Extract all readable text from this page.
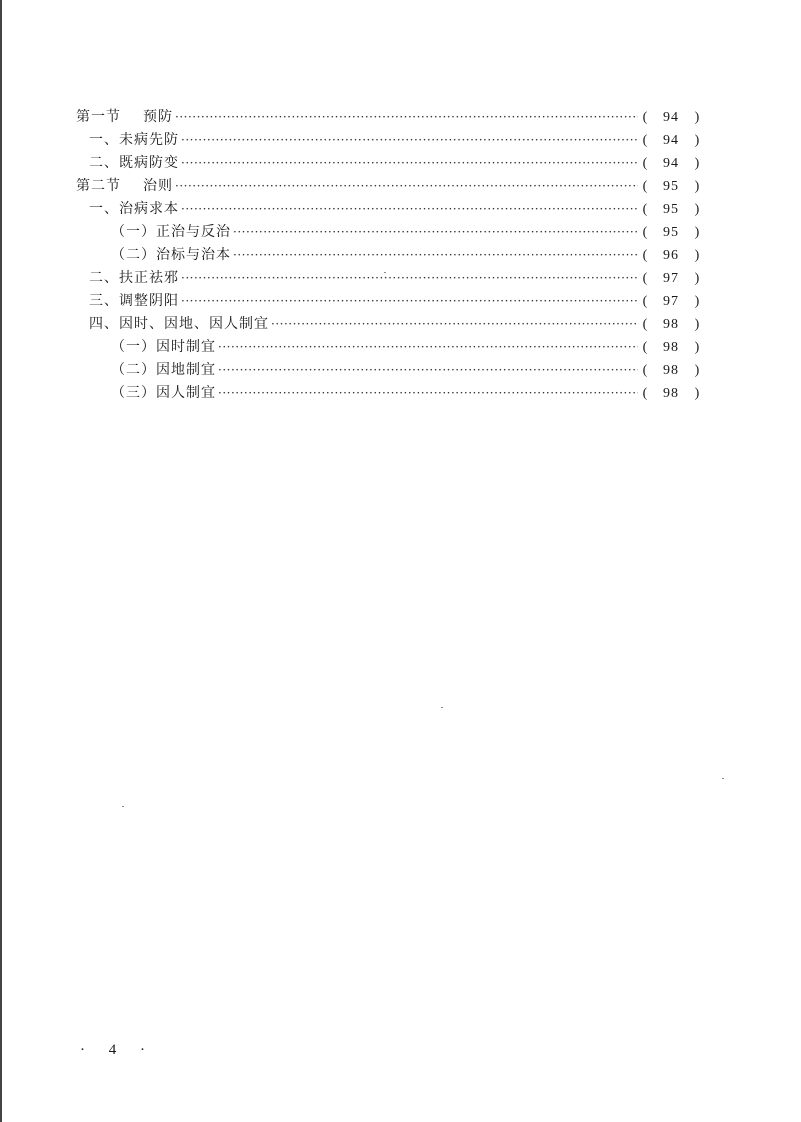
第一节 预防 ·····	(	94	)
一、未病先防 ·····	(	94	)
二、既病防变 ·····	(	94	)
第二节 治则 ·····	(	95	)
一、治病求本 ·····	(	95	)
（一）正治与反治 ·····	(	95	)
（二）治标与治本 ·····	(	96	)
二、扶正祛邪 ·····	(	97	)
三、调整阴阳 ·····	(	97	)
四、因时、因地、因人制宜 ·····	(	98	)
（一）因时制宜 ·····	(	98	)
（二）因地制宜 ·····	(	98	)
（三）因人制宜 ·····	(	98	)
· 4 ·
